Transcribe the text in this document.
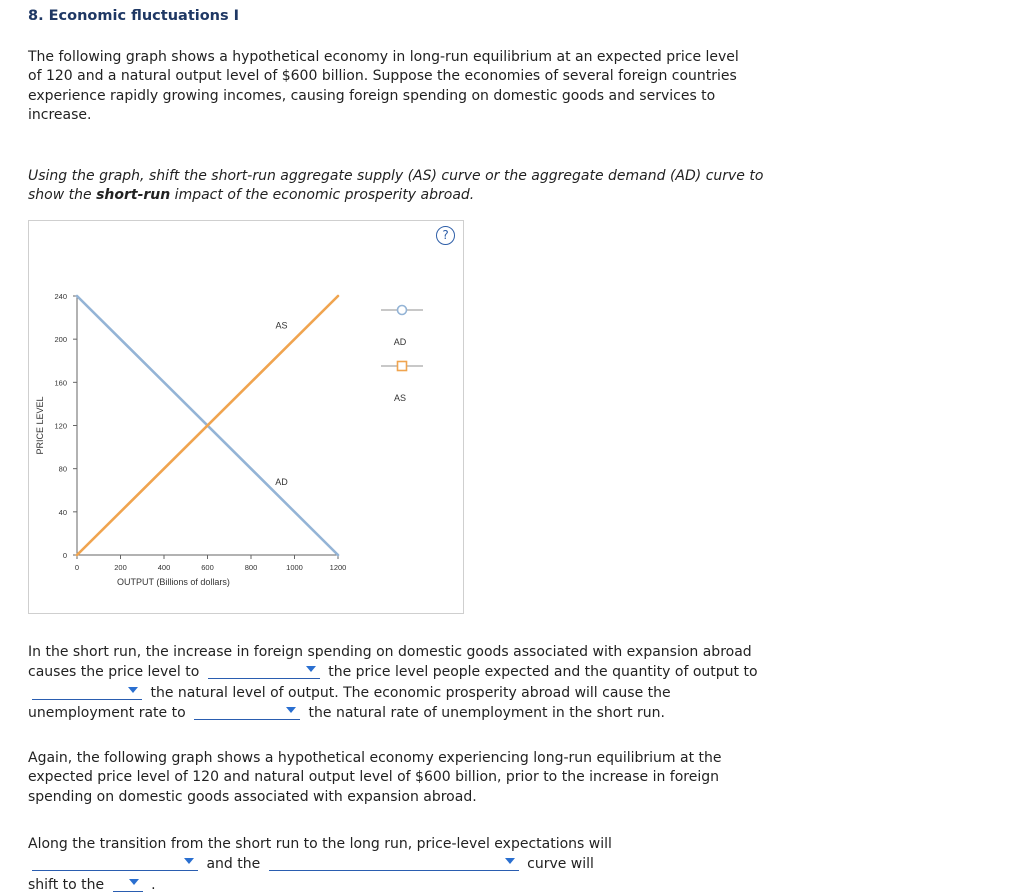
8. Economic fluctuations I
The following graph shows a hypothetical economy in long-run equilibrium at an expected price level of 120 and a natural output level of $600 billion. Suppose the economies of several foreign countries experience rapidly growing incomes, causing foreign spending on domestic goods and services to increase.
Using the graph, shift the short-run aggregate supply (AS) curve or the aggregate demand (AD) curve to show the short-run impact of the economic prosperity abroad.
?
0
40
80
120
160
200
240
0	200	400	600	800	1000	1200
OUTPUT (Billions of dollars)
PRICE LEVEL
AD
AS
AD
AS
In the short run, the increase in foreign spending on domestic goods associated with expansion abroad causes the price level to	the price level people expected and the quantity of output to
the natural level of output. The economic prosperity abroad will cause the unemployment rate to	the natural rate of unemployment in the short run.
Again, the following graph shows a hypothetical economy experiencing long-run equilibrium at the expected price level of 120 and natural output level of $600 billion, prior to the increase in foreign spending on domestic goods associated with expansion abroad.
Along the transition from the short run to the long run, price-level expectations will
and the	curve will shift to the	.
